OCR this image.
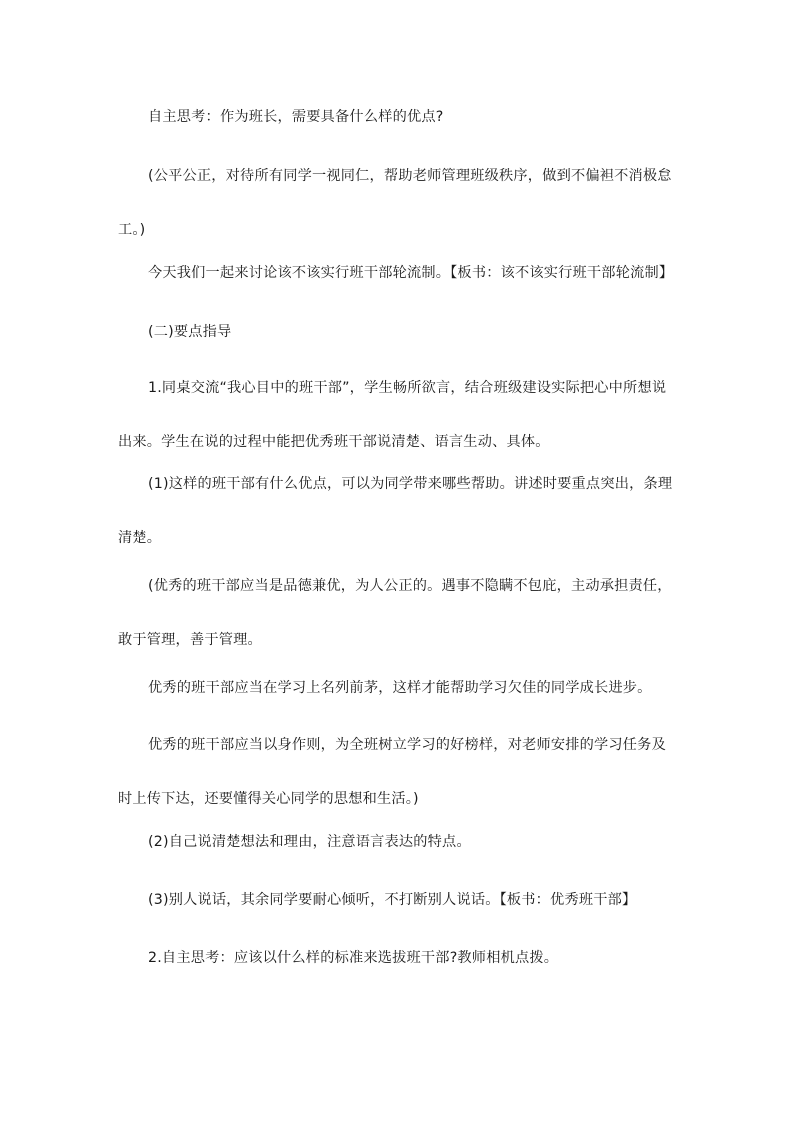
自主思考：作为班长，需要具备什么样的优点?

(公平公正，对待所有同学一视同仁，帮助老师管理班级秩序，做到不偏袒不消极怠工。)

今天我们一起来讨论该不该实行班干部轮流制。【板书：该不该实行班干部轮流制】

(二)要点指导

1.同桌交流“我心目中的班干部”，学生畅所欲言，结合班级建设实际把心中所想说出来。学生在说的过程中能把优秀班干部说清楚、语言生动、具体。

(1)这样的班干部有什么优点，可以为同学带来哪些帮助。讲述时要重点突出，条理清楚。

(优秀的班干部应当是品德兼优，为人公正的。遇事不隐瞒不包庇，主动承担责任，敢于管理，善于管理。

优秀的班干部应当在学习上名列前茅，这样才能帮助学习欠佳的同学成长进步。

优秀的班干部应当以身作则，为全班树立学习的好榜样，对老师安排的学习任务及时上传下达，还要懂得关心同学的思想和生活。)

(2)自己说清楚想法和理由，注意语言表达的特点。

(3)别人说话，其余同学要耐心倾听，不打断别人说话。【板书：优秀班干部】

2.自主思考：应该以什么样的标准来选拔班干部?教师相机点拨。
